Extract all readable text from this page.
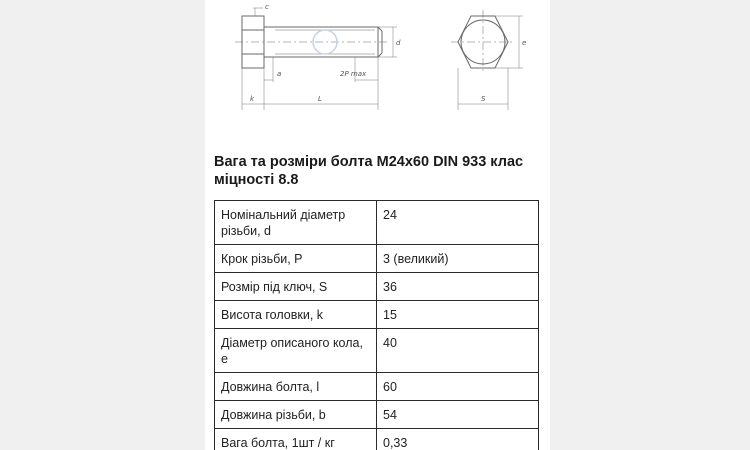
c
a	2P max
d
k	L
e
S
Вага та розміри болта М24х60 DIN 933 клас міцності 8.8
Номінальний діаметр різьби, d	24
Крок різьби, Р	3 (великий)
Розмір під ключ, S	36
Висота головки, k	15
Діаметр описаного кола, е	40
Довжина болта, l	60
Довжина різьби, b	54
Вага болта, 1шт / кг	0,33
